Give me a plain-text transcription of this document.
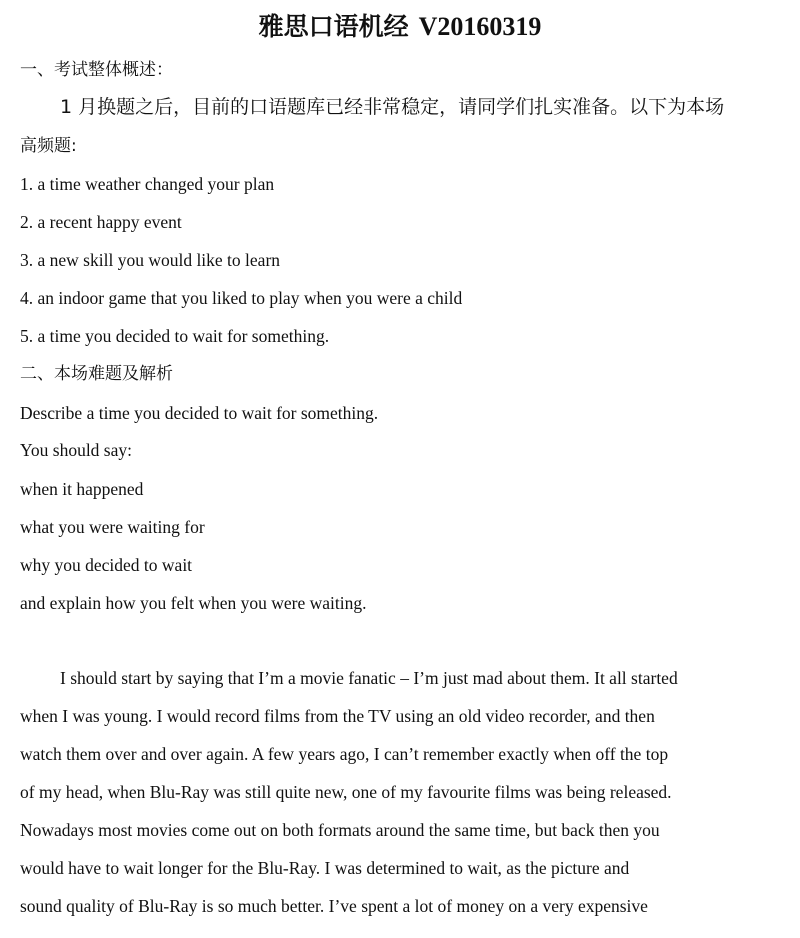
雅思口语机经 V20160319
一、考试整体概述：
1 月换题之后，目前的口语题库已经非常稳定，请同学们扎实准备。以下为本场
高频题:
1. a time weather changed your plan
2. a recent happy event
3. a new skill you would like to learn
4. an indoor game that you liked to play when you were a child
5. a time you decided to wait for something.
二、本场难题及解析
Describe a time you decided to wait for something.
You should say:
when it happened
what you were waiting for
why you decided to wait
and explain how you felt when you were waiting.
I should start by saying that I’m a movie fanatic – I’m just mad about them. It all started
when I was young. I would record films from the TV using an old video recorder, and then
watch them over and over again. A few years ago, I can’t remember exactly when off the top
of my head, when Blu-Ray was still quite new, one of my favourite films was being released.
Nowadays most movies come out on both formats around the same time, but back then you
would have to wait longer for the Blu-Ray. I was determined to wait, as the picture and
sound quality of Blu-Ray is so much better. I’ve spent a lot of money on a very expensive
